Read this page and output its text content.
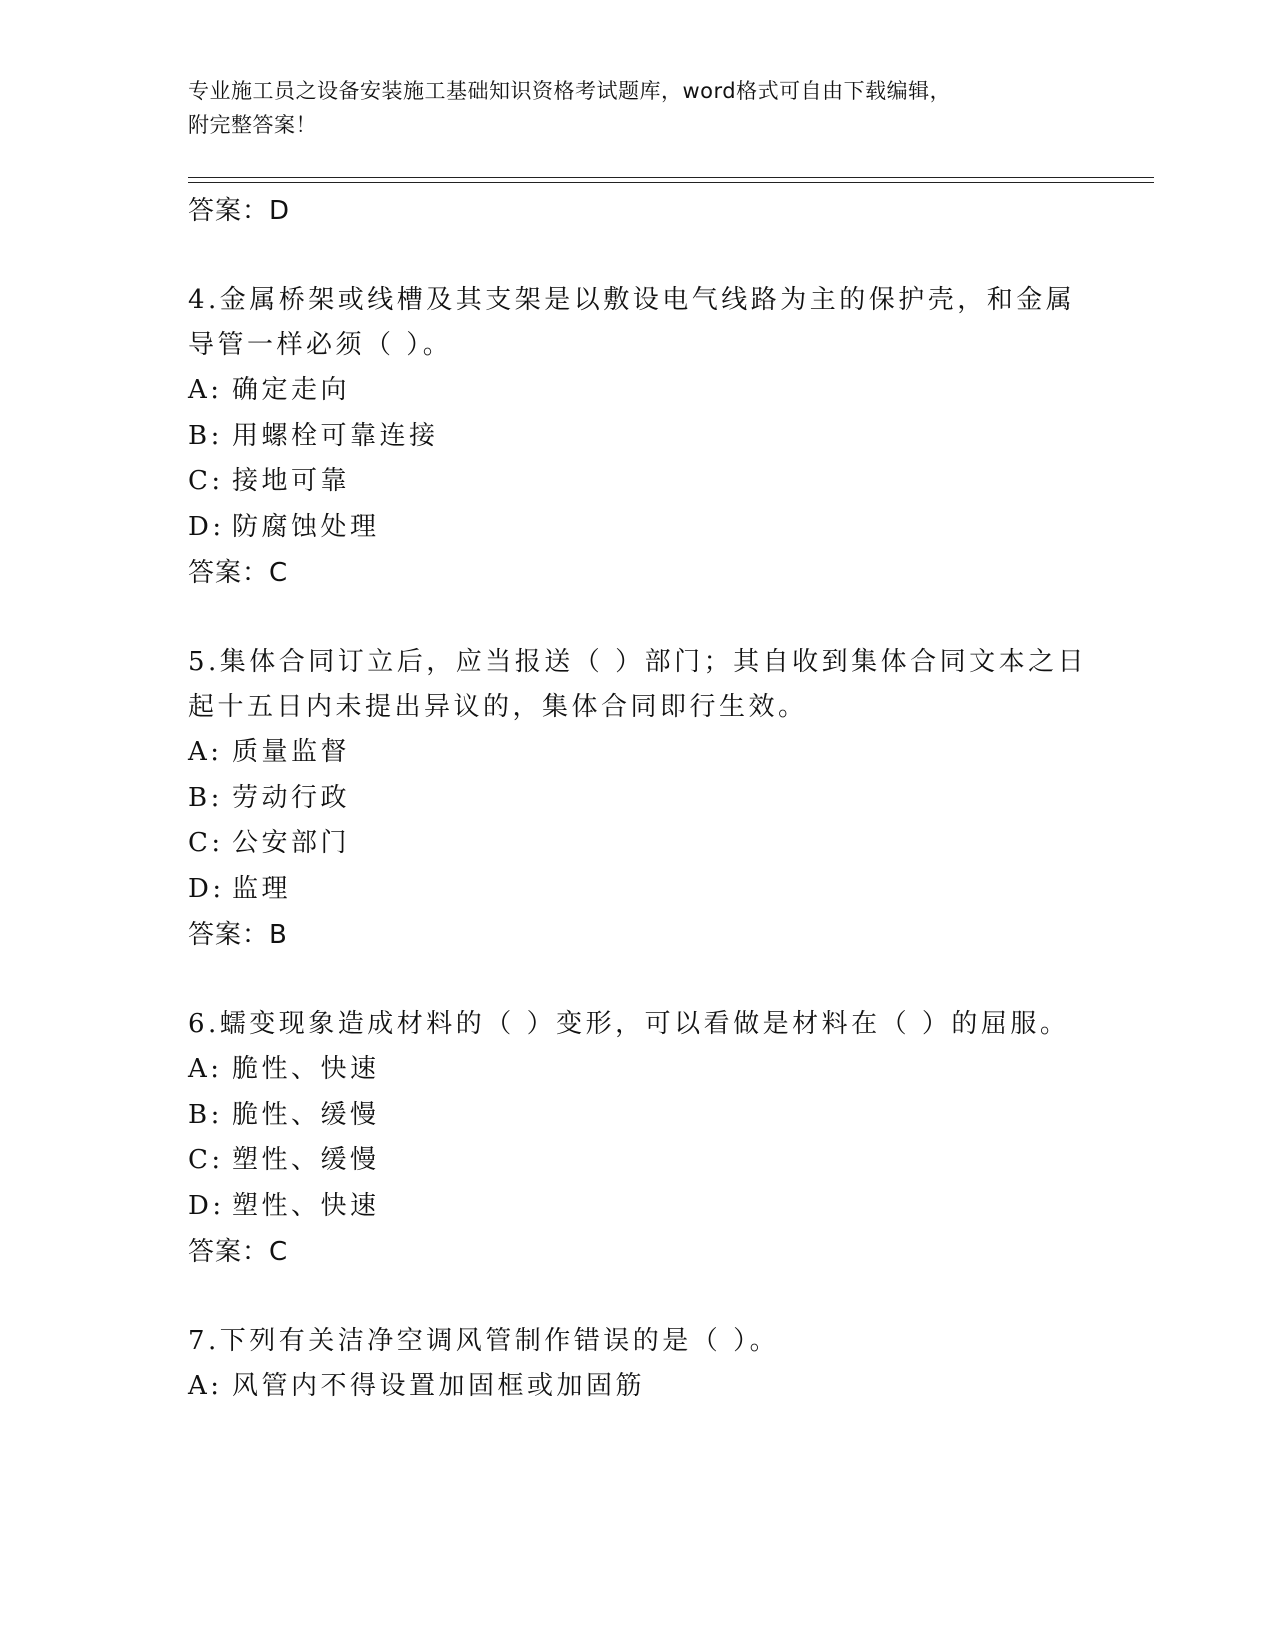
专业施工员之设备安装施工基础知识资格考试题库，word格式可自由下载编辑，
附完整答案！
答案：D
4.金属桥架或线槽及其支架是以敷设电气线路为主的保护壳，和金属
导管一样必须（ ）。
A: 确定走向
B: 用螺栓可靠连接
C: 接地可靠
D: 防腐蚀处理
答案：C
5.集体合同订立后，应当报送（ ）部门；其自收到集体合同文本之日
起十五日内未提出异议的，集体合同即行生效。
A: 质量监督
B: 劳动行政
C: 公安部门
D: 监理
答案：B
6.蠕变现象造成材料的（ ）变形，可以看做是材料在（ ）的屈服。
A: 脆性、快速
B: 脆性、缓慢
C: 塑性、缓慢
D: 塑性、快速
答案：C
7.下列有关洁净空调风管制作错误的是（ ）。
A: 风管内不得设置加固框或加固筋
